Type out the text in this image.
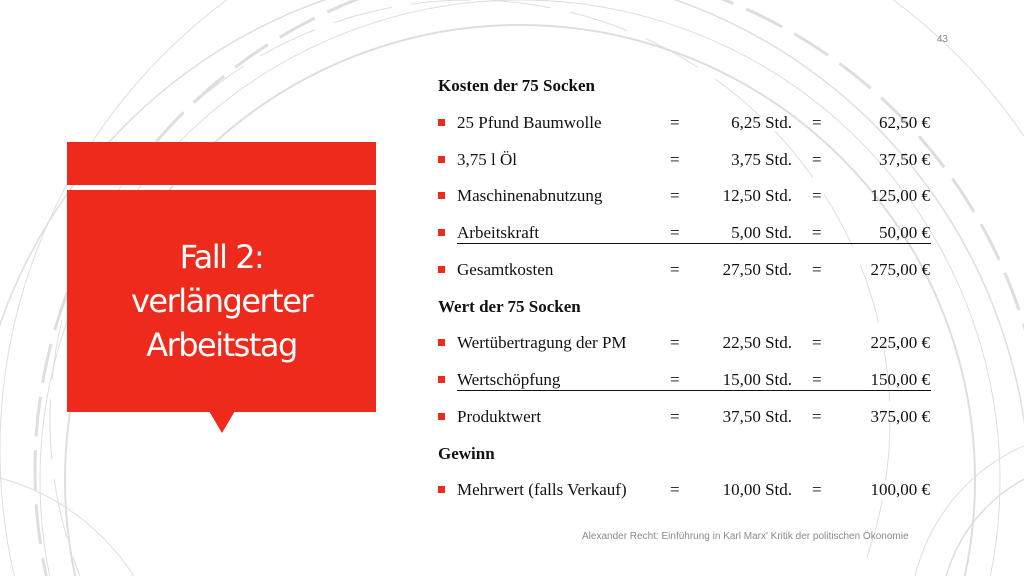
Fall 2:
verlängerter
Arbeitstag
43
Kosten der 75 Socken
25 Pfund Baumwolle	=	6,25 Std. =	62,50 €
3,75 l Öl	=	3,75 Std. =	37,50 €
Maschinenabnutzung	=	12,50 Std. =	125,00 €
Arbeitskraft	=	5,00 Std. =	50,00 €
Gesamtkosten	=	27,50 Std. =	275,00 €
Wert der 75 Socken
Wertübertragung der PM	=	22,50 Std. =	225,00 €
Wertschöpfung	=	15,00 Std. =	150,00 €
Produktwert	=	37,50 Std. =	375,00 €
Gewinn
Mehrwert (falls Verkauf)	=	10,00 Std. =	100,00 €
Alexander Recht: Einführung in Karl Marx' Kritik der politischen Ökonomie
